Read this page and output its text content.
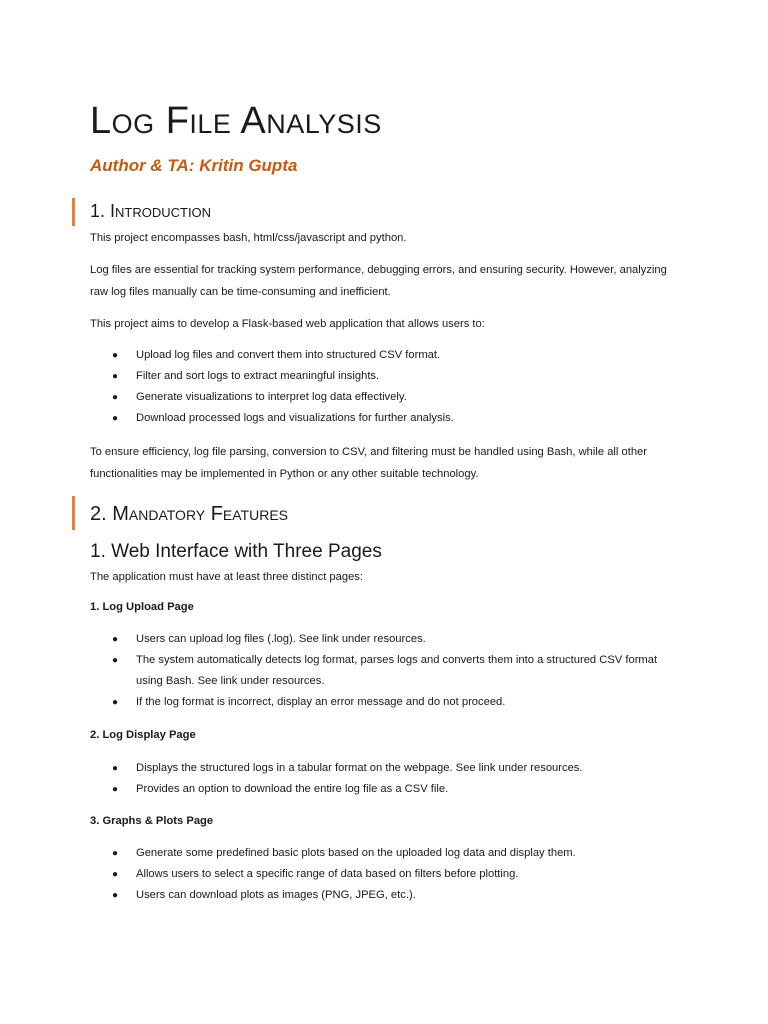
Log File Analysis
Author & TA: Kritin Gupta
1. Introduction
This project encompasses bash, html/css/javascript and python.
Log files are essential for tracking system performance, debugging errors, and ensuring security. However, analyzing raw log files manually can be time-consuming and inefficient.
This project aims to develop a Flask-based web application that allows users to:
● Upload log files and convert them into structured CSV format.
● Filter and sort logs to extract meaningful insights.
● Generate visualizations to interpret log data effectively.
● Download processed logs and visualizations for further analysis.
To ensure efficiency, log file parsing, conversion to CSV, and filtering must be handled using Bash, while all other functionalities may be implemented in Python or any other suitable technology.
2. Mandatory Features
1. Web Interface with Three Pages
The application must have at least three distinct pages:
1. Log Upload Page
● Users can upload log files (.log). See link under resources.
● The system automatically detects log format, parses logs and converts them into a structured CSV format using Bash. See link under resources.
● If the log format is incorrect, display an error message and do not proceed.
2. Log Display Page
● Displays the structured logs in a tabular format on the webpage. See link under resources.
● Provides an option to download the entire log file as a CSV file.
3. Graphs & Plots Page
● Generate some predefined basic plots based on the uploaded log data and display them.
● Allows users to select a specific range of data based on filters before plotting.
● Users can download plots as images (PNG, JPEG, etc.).
